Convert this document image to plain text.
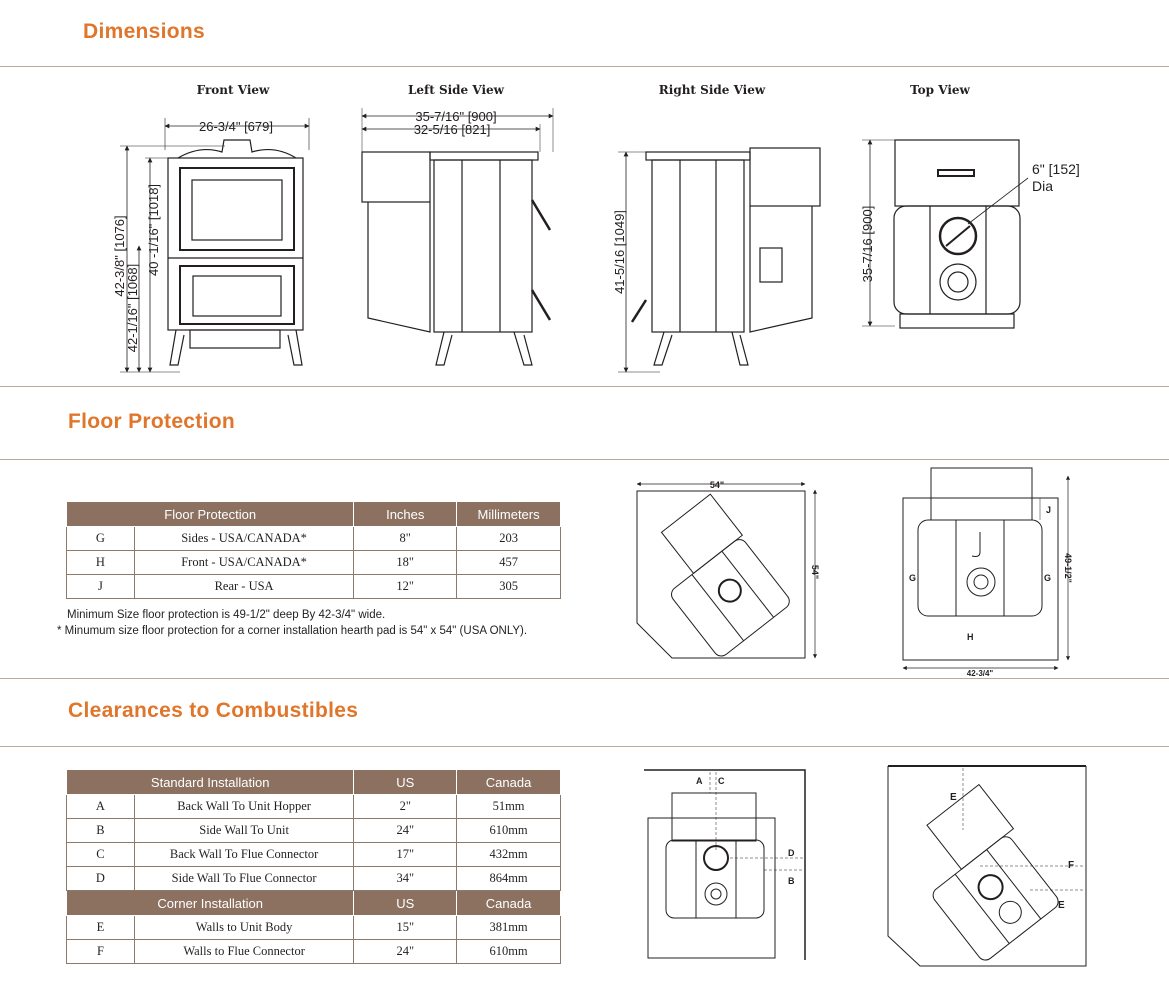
Dimensions
Floor Protection
Clearances to Combustibles
Front View	Left Side View	Right Side View	Top View
42-3/8" [1076]
42-1/16" [1068]
40 -1/16" [1018]
26-3/4" [679]
35-7/16" [900]
32-5/16 [821]
41-5/16 [1049]	35-7/16 [900]
6" [152]
Dia
Floor Protection		Inches	Millimeters
G	Sides - USA/CANADA*	8"	203
H	Front - USA/CANADA*	18"	457
J	Rear - USA	12"	305
Minimum Size floor protection is 49-1/2" deep By 42-3/4" wide.
* Minumum size floor protection for a corner installation hearth pad is 54" x 54" (USA ONLY).
54"
54"
42-3/4"
49-1/2"
G	G
H
J
Standard Installation		US	Canada
A	Back Wall To Unit Hopper	2"	51mm
B	Side Wall To Unit	24"	610mm
C	Back Wall To Flue Connector	17"	432mm
D	Side Wall To Flue Connector	34"	864mm
Corner Installation		US	Canada
E	Walls to Unit Body	15"	381mm
F	Walls to Flue Connector	24"	610mm
A C
D
B
E
F
E
